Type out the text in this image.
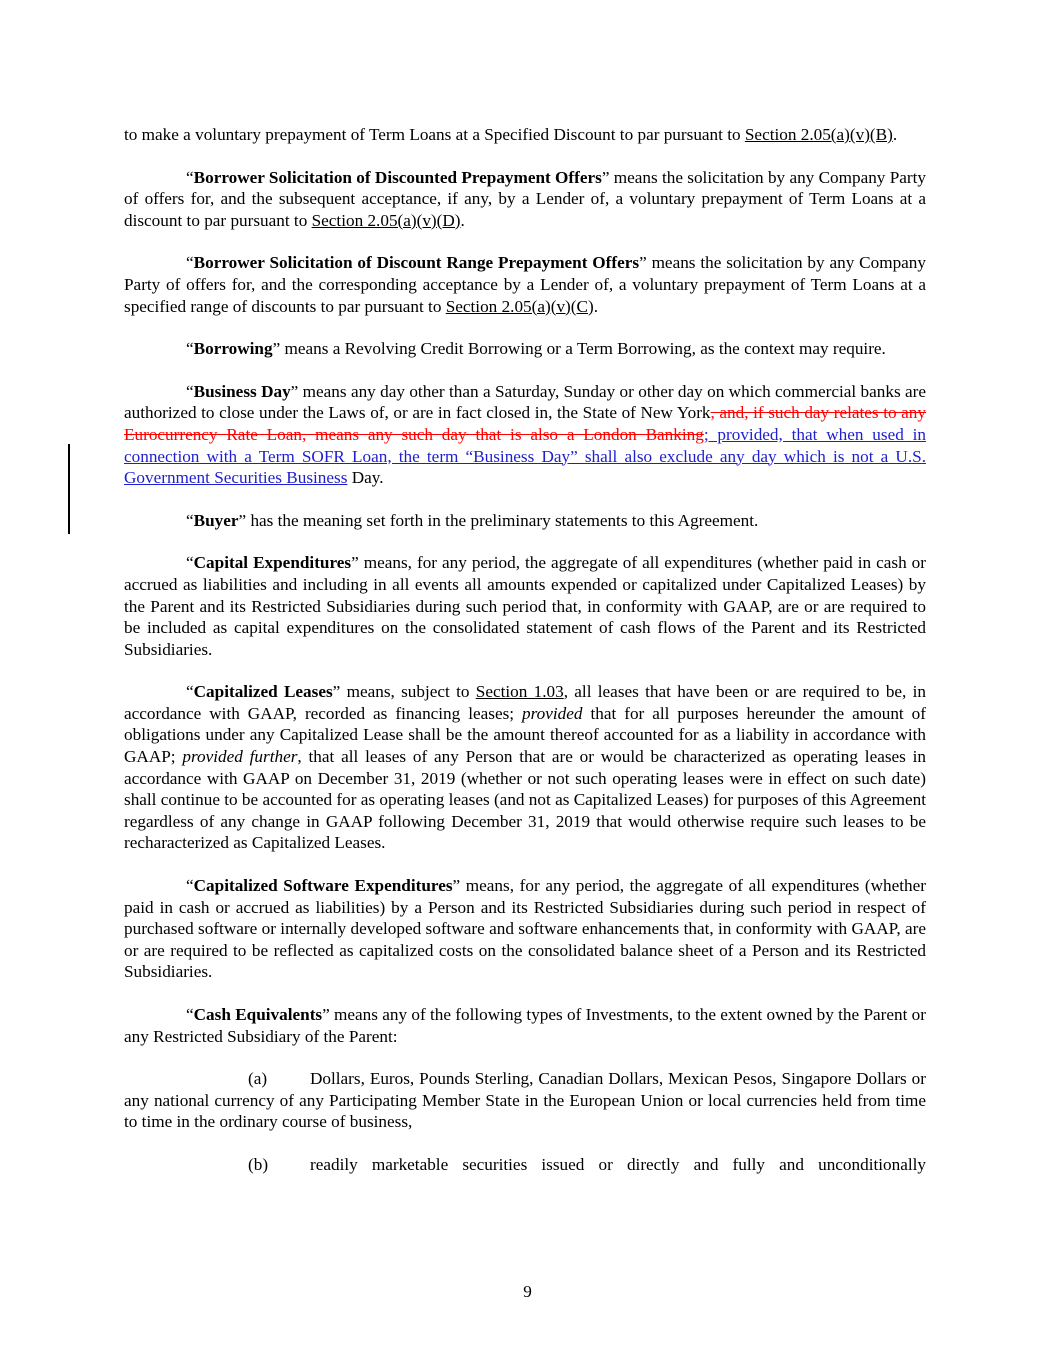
to make a voluntary prepayment of Term Loans at a Specified Discount to par pursuant to Section 2.05(a)(v)(B).

“Borrower Solicitation of Discounted Prepayment Offers” means the solicitation by any Company Party of offers for, and the subsequent acceptance, if any, by a Lender of, a voluntary prepayment of Term Loans at a discount to par pursuant to Section 2.05(a)(v)(D).

“Borrower Solicitation of Discount Range Prepayment Offers” means the solicitation by any Company Party of offers for, and the corresponding acceptance by a Lender of, a voluntary prepayment of Term Loans at a specified range of discounts to par pursuant to Section 2.05(a)(v)(C).

“Borrowing” means a Revolving Credit Borrowing or a Term Borrowing, as the context may require.

“Business Day” means any day other than a Saturday, Sunday or other day on which commercial banks are authorized to close under the Laws of, or are in fact closed in, the State of New York, and, if such day relates to any Eurocurrency Rate Loan, means any such day that is also a London Banking; provided, that when used in connection with a Term SOFR Loan, the term “Business Day” shall also exclude any day which is not a U.S. Government Securities Business Day.

“Buyer” has the meaning set forth in the preliminary statements to this Agreement.

“Capital Expenditures” means, for any period, the aggregate of all expenditures (whether paid in cash or accrued as liabilities and including in all events all amounts expended or capitalized under Capitalized Leases) by the Parent and its Restricted Subsidiaries during such period that, in conformity with GAAP, are or are required to be included as capital expenditures on the consolidated statement of cash flows of the Parent and its Restricted Subsidiaries.

“Capitalized Leases” means, subject to Section 1.03, all leases that have been or are required to be, in accordance with GAAP, recorded as financing leases; provided that for all purposes hereunder the amount of obligations under any Capitalized Lease shall be the amount thereof accounted for as a liability in accordance with GAAP; provided further, that all leases of any Person that are or would be characterized as operating leases in accordance with GAAP on December 31, 2019 (whether or not such operating leases were in effect on such date) shall continue to be accounted for as operating leases (and not as Capitalized Leases) for purposes of this Agreement regardless of any change in GAAP following December 31, 2019 that would otherwise require such leases to be recharacterized as Capitalized Leases.

“Capitalized Software Expenditures” means, for any period, the aggregate of all expenditures (whether paid in cash or accrued as liabilities) by a Person and its Restricted Subsidiaries during such period in respect of purchased software or internally developed software and software enhancements that, in conformity with GAAP, are or are required to be reflected as capitalized costs on the consolidated balance sheet of a Person and its Restricted Subsidiaries.

“Cash Equivalents” means any of the following types of Investments, to the extent owned by the Parent or any Restricted Subsidiary of the Parent:

(a) Dollars, Euros, Pounds Sterling, Canadian Dollars, Mexican Pesos, Singapore Dollars or any national currency of any Participating Member State in the European Union or local currencies held from time to time in the ordinary course of business,

(b) readily marketable securities issued or directly and fully and unconditionally

9
